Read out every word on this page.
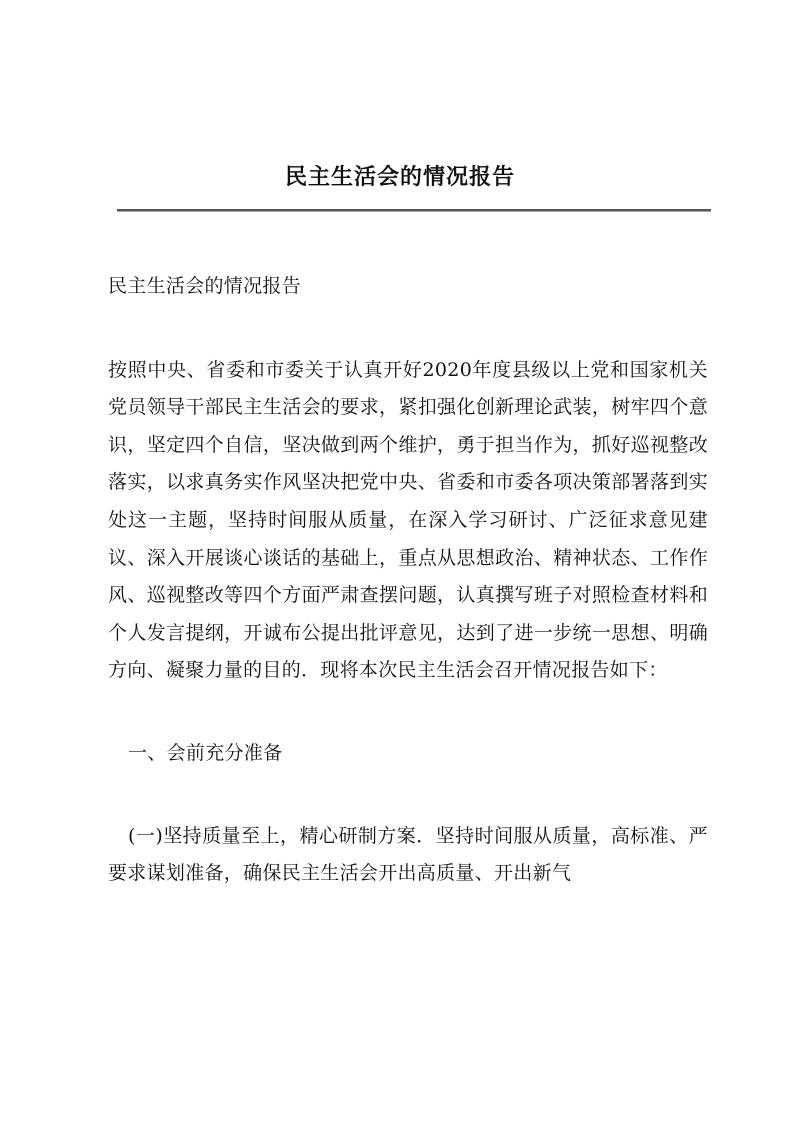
民主生活会的情况报告

民主生活会的情况报告

按照中央、省委和市委关于认真开好2020年度县级以上党和国家机关党员领导干部民主生活会的要求，紧扣强化创新理论武装，树牢四个意识，坚定四个自信，坚决做到两个维护，勇于担当作为，抓好巡视整改落实，以求真务实作风坚决把党中央、省委和市委各项决策部署落到实处这一主题，坚持时间服从质量，在深入学习研讨、广泛征求意见建议、深入开展谈心谈话的基础上，重点从思想政治、精神状态、工作作风、巡视整改等四个方面严肃查摆问题，认真撰写班子对照检查材料和个人发言提纲，开诚布公提出批评意见，达到了进一步统一思想、明确方向、凝聚力量的目的．现将本次民主生活会召开情况报告如下：

一、会前充分准备

(一)坚持质量至上，精心研制方案．坚持时间服从质量，高标准、严要求谋划准备，确保民主生活会开出高质量、开出新气
